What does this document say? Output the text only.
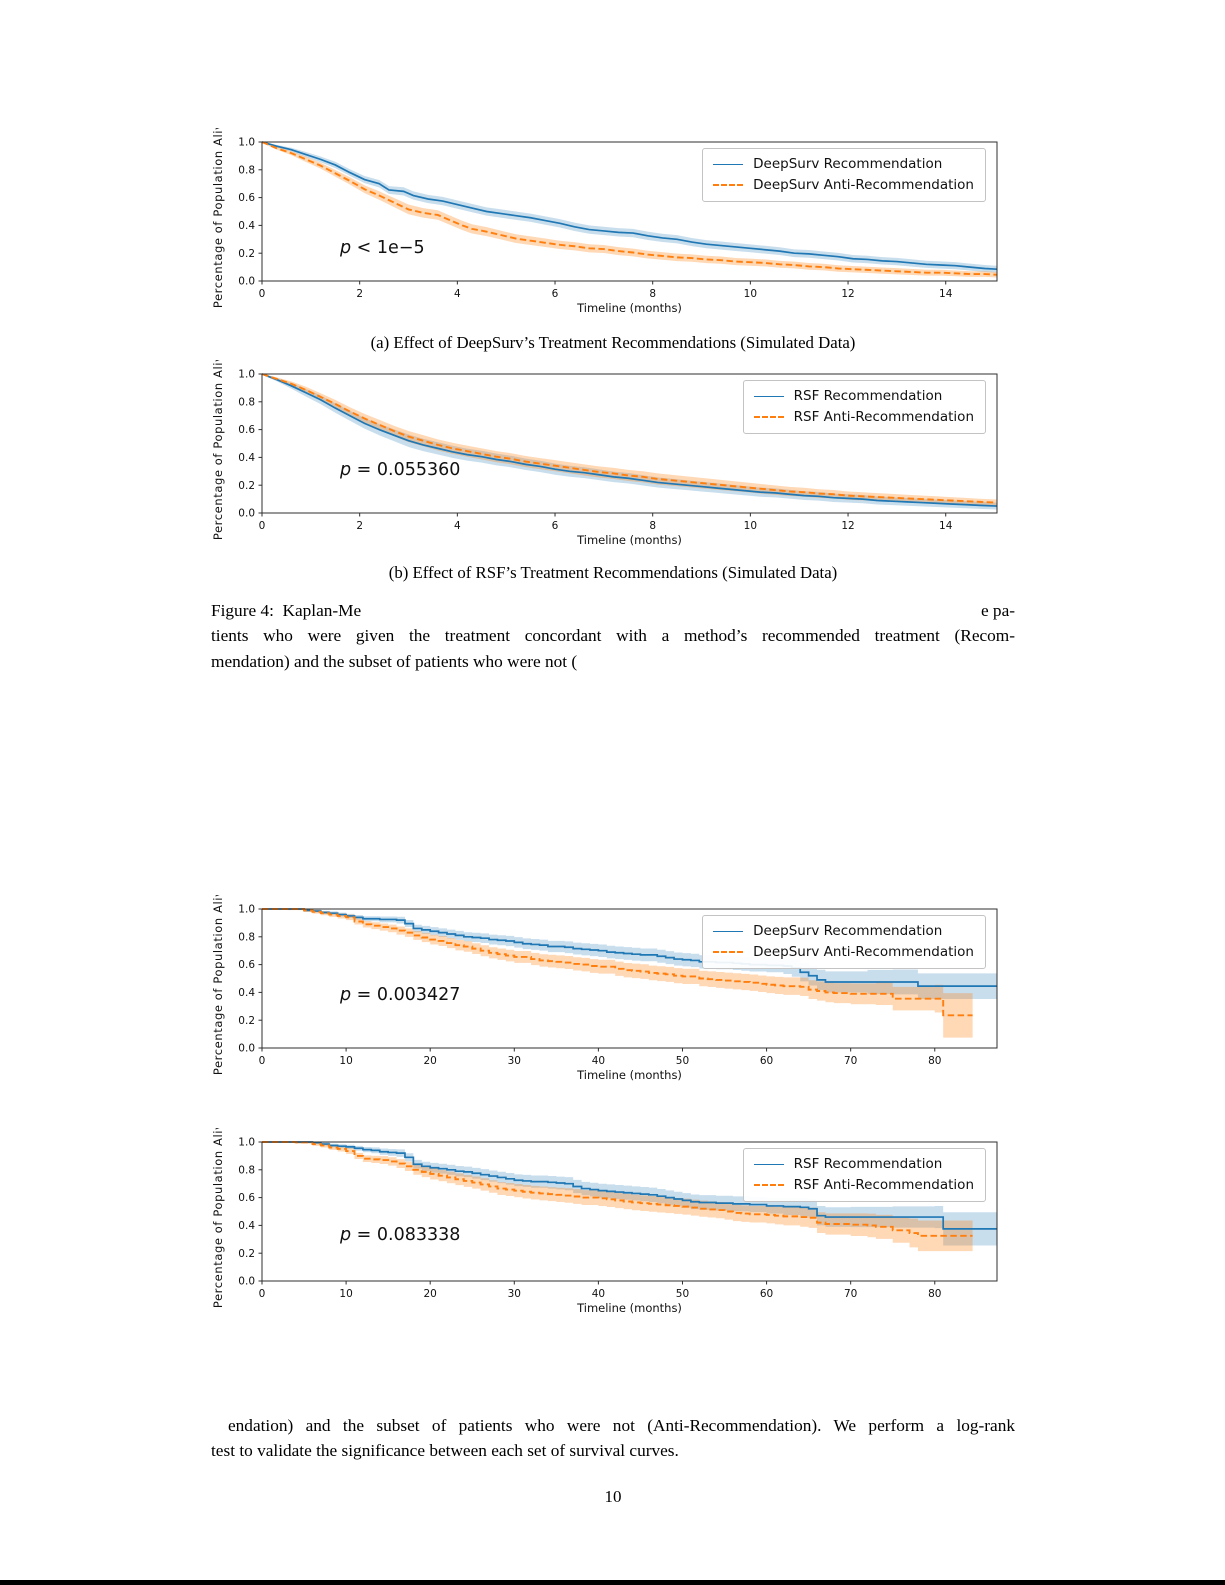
0.0
0.2
0.4
0.6
0.8
1.0
0	2	4	6	8	10	12	14
Timeline (months)
Percentage of Population Alive	p < 1e−5
DeepSurv Recommendation
DeepSurv Anti-Recommendation
(a) Effect of DeepSurv’s Treatment Recommendations (Simulated Data)
0.0
0.2
0.4
0.6
0.8
1.0
0	2	4	6	8	10	12	14
Timeline (months)
Percentage of Population Alive	p = 0.055360
RSF Recommendation
RSF Anti-Recommendation
(b) Effect of RSF’s Treatment Recommendations (Simulated Data)
Figure 4:  Kaplan-Me	e pa-
tients who were given the treatment concordant with a method’s recommended treatment (Recom-
mendation) and the subset of patients who were not (
0.0
0.2
0.4
0.6
0.8
1.0
0	10	20	30	40	50	60	70	80
Timeline (months)
Percentage of Population Alive	p = 0.003427
DeepSurv Recommendation
DeepSurv Anti-Recommendation
0.0
0.2
0.4
0.6
0.8
1.0
0	10	20	30	40	50	60	70	80
Timeline (months)
Percentage of Population Alive	p = 0.083338
RSF Recommendation
RSF Anti-Recommendation
endation) and the subset of patients who were not (Anti-Recommendation). We perform a log-rank
test to validate the significance between each set of survival curves.
10
